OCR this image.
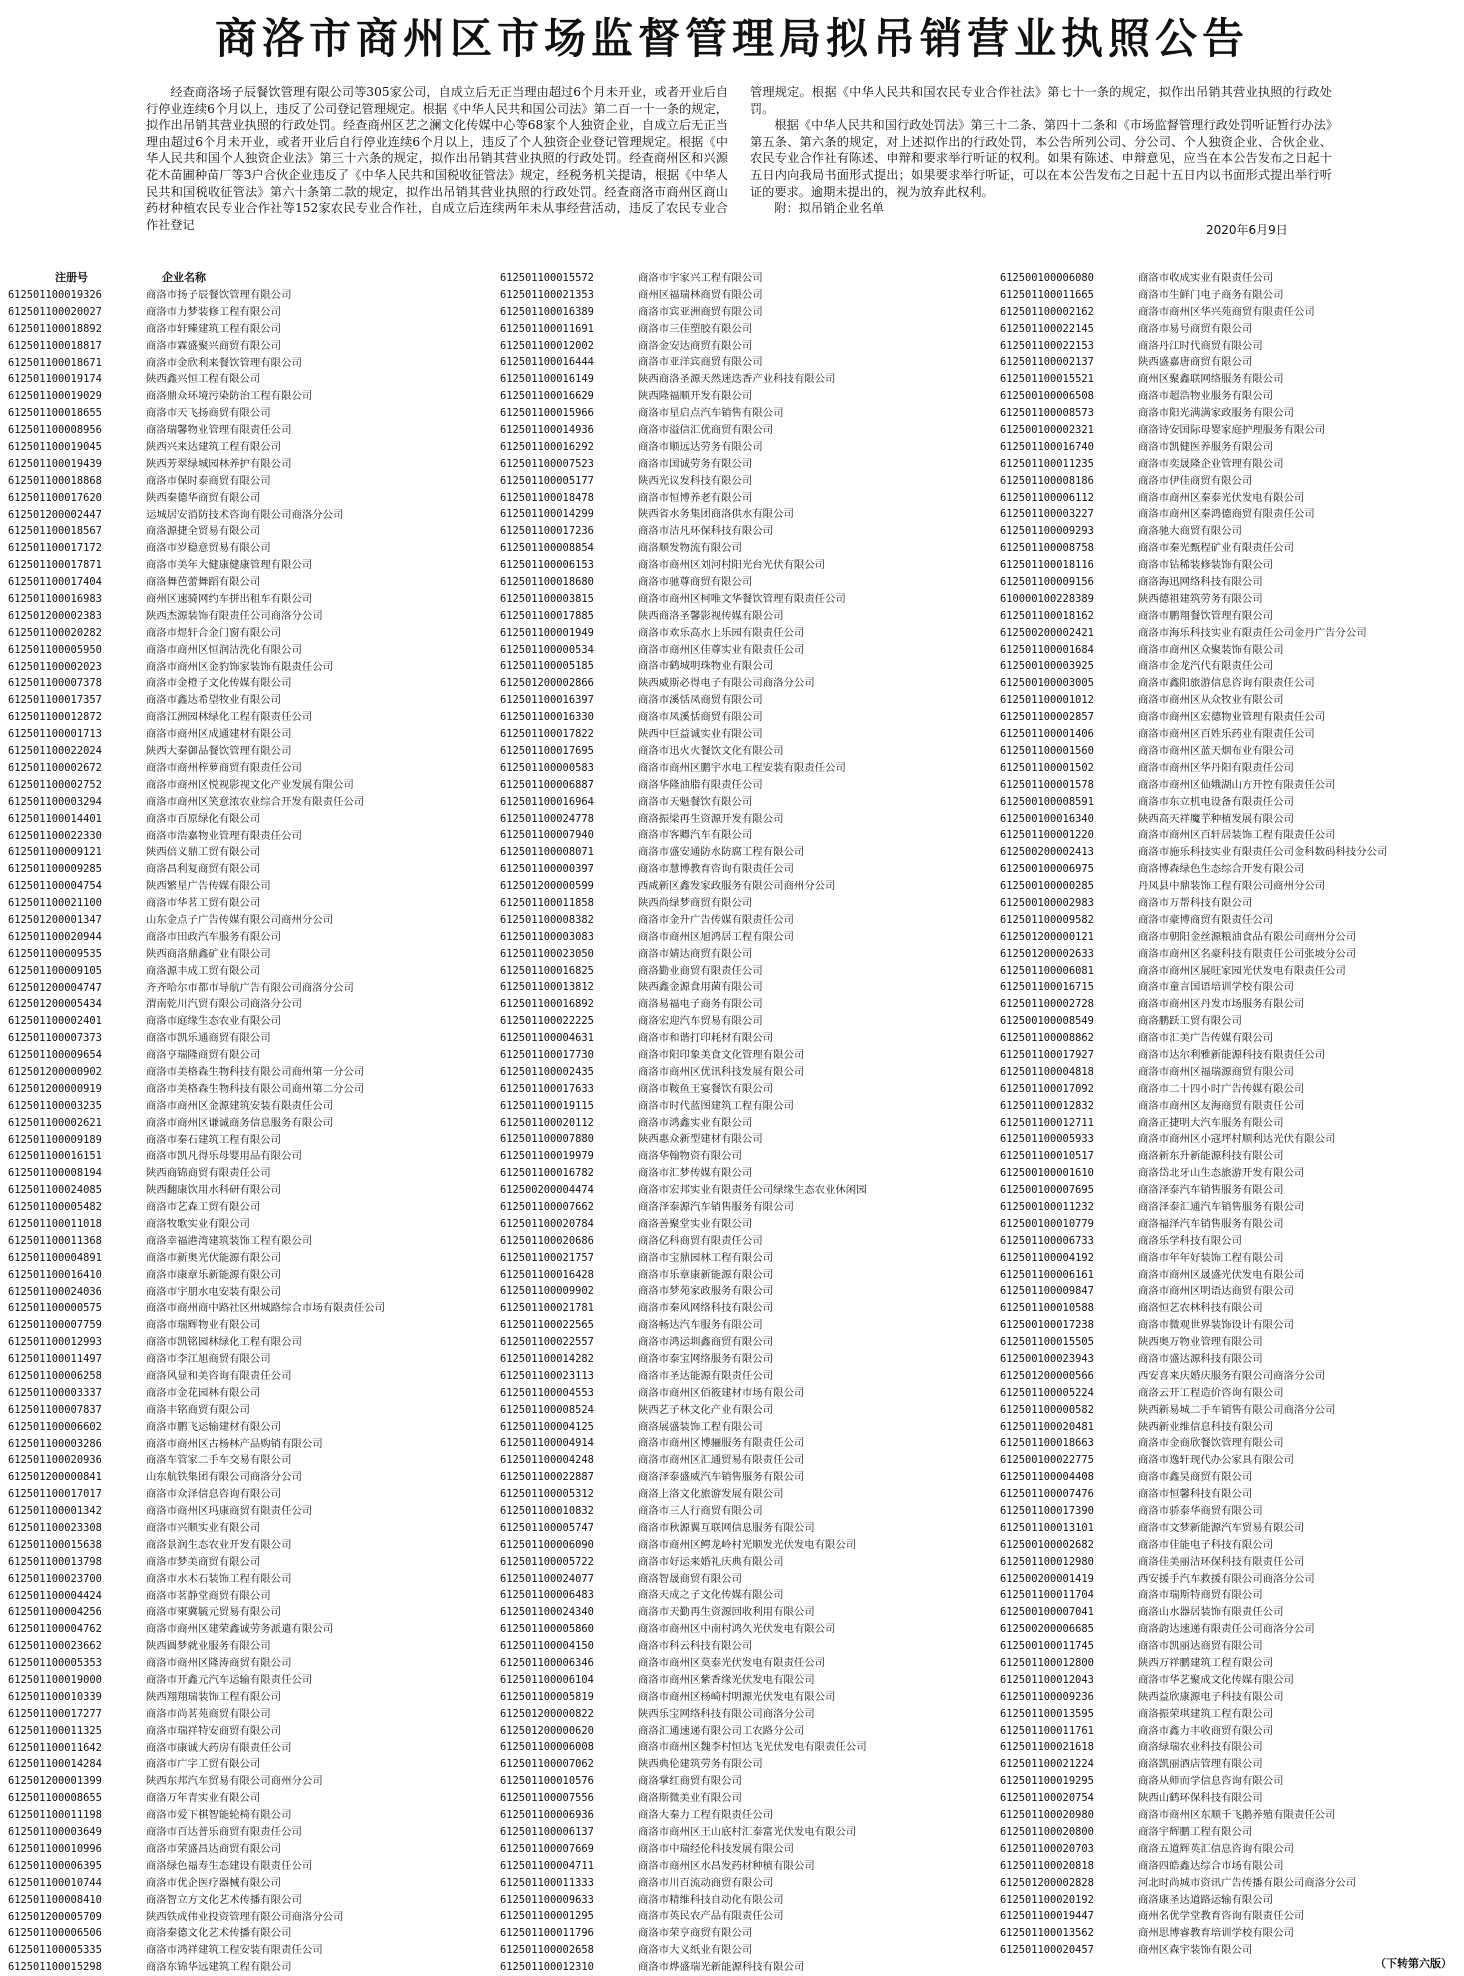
商洛市商州区市场监督管理局拟吊销营业执照公告

经查商洛场子辰餐饮管理有限公司等305家公司，自成立后无正当理由超过6个月未开业，或者开业后自行停业连续6个月以上，违反了公司登记管理规定。根据《中华人民共和国公司法》第二百一十一条的规定，拟作出吊销其营业执照的行政处罚。经查商州区艺之澜文化传媒中心等68家个人独资企业，自成立后无正当理由超过6个月未开业，或者开业后自行停业连续6个月以上，违反了个人独资企业登记管理规定。根据《中华人民共和国个人独资企业法》第三十六条的规定，拟作出吊销其营业执照的行政处罚。经查商州区和兴源花木苗圃种苗厂等3户合伙企业违反了《中华人民共和国税收征管法》规定，经税务机关提请，根据《中华人民共和国税收征管法》第六十条第二款的规定，拟作出吊销其营业执照的行政处罚。经查商洛市商州区商山药材种植农民专业合作社等152家农民专业合作社，自成立后连续两年未从事经营活动，违反了农民专业合作社登记

管理规定。根据《中华人民共和国农民专业合作社法》第七十一条的规定，拟作出吊销其营业执照的行政处罚。

根据《中华人民共和国行政处罚法》第三十二条、第四十二条和《市场监督管理行政处罚听证暂行办法》第五条、第六条的规定，对上述拟作出的行政处罚，本公告所列公司、分公司、个人独资企业、合伙企业、农民专业合作社有陈述、申辩和要求举行听证的权利。如果有陈述、申辩意见，应当在本公告发布之日起十五日内向我局书面形式提出；如果要求举行听证，可以在本公告发布之日起十五日内以书面形式提出举行听证的要求。逾期未提出的，视为放弃此权利。

附：拟吊销企业名单

2020年6月9日
注册号	企业名称
612501100019326	商洛市扬子辰餐饮管理有限公司
612501100020027	商洛市力梦装修工程有限公司
612501100018892	商洛市轩臻建筑工程有限公司
612501100018817	商洛市霖盛聚兴商贸有限公司
612501100018671	商洛市金欣利来餐饮管理有限公司
612501100019174	陕西鑫兴恒工程有限公司
612501100019029	商洛鼎众环境污染防治工程有限公司
612501100018655	商洛市天飞扬商贸有限公司
612501100008956	商洛瑞馨物业管理有限责任公司
612501100019045	陕西兴来达建筑工程有限公司
612501100019439	陕西芳翠绿城园林养护有限公司
612501100018868	商洛市保时泰商贸有限公司
612501100017620	陕西秦德华商贸有限公司
612501200002447	运城居安消防技术咨询有限公司商洛分公司
612501100018567	商洛源捷全贸易有限公司
612501100017172	商洛市岁稳意贸易有限公司
612501100017871	商洛市美年大健康健康管理有限公司
612501100017404	商洛舞芭蕾舞蹈有限公司
612501100016983	商州区速骑网约车拼出租车有限公司
612501200002383	陕西杰源装饰有限责任公司商洛分公司
612501100020282	商洛市煜轩合金门窗有限公司
612501100005950	商洛市商州区恒润洁洗化有限公司
612501100002023	商洛市商州区金豹饰家装饰有限责任公司
612501100007378	商洛市金橙子文化传媒有限公司
612501100017357	商洛市鑫达希望牧业有限公司
612501100012872	商洛江洲园林绿化工程有限责任公司
612501100001713	商洛市商州区成通建材有限公司
612501100022024	陕西大秦御品餐饮管理有限公司
612501100002672	商洛市商州梓萝商贸有限责任公司
612501100002752	商洛市商州区悦视影视文化产业发展有限公司
612501100003294	商洛市商州区笑意浓农业综合开发有限责任公司
612501100014401	商洛市百原绿化有限公司
612501100022330	商洛市浩嘉物业管理有限责任公司
612501100009121	陕西倍义鼎工贸有限公司
612501100009285	商洛昌利复商贸有限公司
612501100004754	陕西繁星广告传媒有限公司
612501100021100	商洛市华茗工贸有限公司
612501200001347	山东金点子广告传媒有限公司商州分公司
612501100020944	商洛市田政汽车服务有限公司
612501100009535	陕西商洛鼎鑫矿业有限公司
612501100009105	商洛源丰成工贸有限公司
612501200004747	齐齐哈尔市都市导航广告有限公司商洛分公司
612501200005434	渭南乾川汽贸有限公司商洛分公司
612501100002401	商洛市庭缘生态农业有限公司
612501100007373	商洛市凯乐通商贸有限公司
612501100009654	商洛亨瑞隆商贸有限公司
612501200000902	商洛市美格森生物科技有限公司商州第一分公司
612501200000919	商洛市美格森生物科技有限公司商州第二分公司
612501100003235	商洛市商州区金源建筑安装有限责任公司
612501100002621	商洛市商州区谦诚商务信息服务有限公司
612501100009189	商洛市秦石建筑工程有限公司
612501100016151	商洛市凯凡得乐母婴用品有限公司
612501100008194	陕西商锦商贸有限责任公司
612501100024085	陕西翻康饮用水科研有限公司
612501100005482	商洛市艺森工贸有限公司
612501100011018	商洛牧歌实业有限公司
612501100011368	商洛幸福港湾建筑装饰工程有限公司
612501100004891	商洛市新奥光伏能源有限公司
612501100016410	商洛市康章乐新能源有限公司
612501100024036	商洛市宇朋水电安装有限公司
612501100000575	商洛市商州商中路社区州城路综合市场有限责任公司
612501100007759	商洛市瑞辉物业有限公司
612501100012993	商洛市凯铭园林绿化工程有限公司
612501100011497	商洛市李江旭商贸有限公司
612501100006258	商洛风显和美咨询有限责任公司
612501100003337	商洛市金花园林有限公司
612501100007837	商洛丰铭商贸有限公司
612501100006602	商洛市鹏飞运输建材有限公司
612501100003286	商洛市商州区古杨林产品购销有限公司
612501100020936	商洛车管家二手车交易有限公司
612501200000841	山东航铁集团有限公司商洛分公司
612501100017017	商洛市众泽信息咨询有限公司
612501100001342	商洛市商州区玛康商贸有限责任公司
612501100023308	商洛市兴顺实业有限公司
612501100015638	商洛景润生态农业开发有限公司
612501100013798	商洛市梦美商贸有限公司
612501100023700	商洛市水木石装饰工程有限公司
612501100004424	商洛市茗静堂商贸有限公司
612501100004256	商洛市柬冀毓元贸易有限公司
612501100004762	商洛市商州区建荣鑫诚劳务派遣有限公司
612501100023662	陕西圆梦就业服务有限公司
612501100005353	商洛市商州区隆涛商贸有限公司
612501100019000	商洛市开鑫元汽车运输有限责任公司
612501100010339	陕西翔翔瑞装饰工程有限公司
612501100017277	商洛市尚茗苑商贸有限公司
612501100011325	商洛市瑞祥特安商贸有限公司
612501100011642	商洛市康诚大药房有限责任公司
612501100014284	商洛市广字工贸有限公司
612501200001399	陕西东邦汽车贸易有限公司商州分公司
612501100008655	商洛万年青实业有限公司
612501100011198	商洛市爱下棋智能轮椅有限公司
612501100003649	商洛市百达普乐商贸有限责任公司
612501100010996	商洛市荣盛昌达商贸有限公司
612501100006395	商洛绿色福寿生态建设有限责任公司
612501100010744	商洛市优企医疗器械有限公司
612501100008410	商洛智立方文化艺术传播有限公司
612501200005709	陕西铁成伟业投资管理有限公司商洛分公司
612501100006506	商洛秦德文化艺术传播有限公司
612501100005335	商洛市鸿祥建筑工程安装有限责任公司
612501100015298	商洛东锦华远建筑工程有限公司
612501100015572	商洛市宇家兴工程有限公司
612501100021353	商州区福瑞林商贸有限公司
612501100016389	商洛市宾亚洲商贸有限公司
612501100011691	商洛市三佳塑胶有限公司
612501100012002	商洛金安达商贸有限公司
612501100016444	商洛市亚洋宾商贸有限公司
612501100016149	陕西商洛圣源天然迷迭香产业科技有限公司
612501100016629	陕西隆福顺开发有限公司
612501100015966	商洛市星启点汽车销售有限公司
612501100014936	商洛市溢信汇优商贸有限公司
612501100016292	商洛市顺远达劳务有限公司
612501100007523	商洛市国诚劳务有限公司
612501100005177	陕西光议发科技有限公司
612501100018478	商洛市恒博养老有限公司
612501100014299	陕西省水务集团商洛供水有限公司
612501100017236	商洛市洁凡环保科技有限公司
612501100008854	商洛顺发物流有限公司
612501100006153	商洛市商州区刘河村阳光台光伏有限公司
612501100018680	商洛市驰尊商贸有限公司
612501100003815	商洛市商州区柯唯文华餐饮管理有限责任公司
612501100017885	陕西商洛圣馨影视传媒有限公司
612501100001949	商洛市欢乐高水上乐园有限责任公司
612501100000534	商洛市商州区佳尊实业有限责任公司
612501100005185	商洛市鹤城明珠物业有限公司
612501200002866	陕西威斯必得电子有限公司商洛分公司
612501100016397	商洛市溪恬凤商贸有限公司
612501100016330	商洛市凤溪恬商贸有限公司
612501100017822	陕西中巨益诚实业有限公司
612501100017695	商洛市迅火火餐饮文化有限公司
612501100000583	商洛市商州区鹏宇水电工程安装有限责任公司
612501100006887	商洛华隆油脂有限责任公司
612501100016964	商洛市天魁餐饮有限公司
612501100024778	商洛振梁再生资源开发有限公司
612501100007940	商洛市客卿汽车有限公司
612501100008071	商洛市盛安通防水防腐工程有限公司
612501100000397	商洛市慧博教育咨询有限责任公司
612501200000599	西咸新区鑫发家政服务有限公司商州分公司
612501100011858	陕西尚绿梦商贸有限公司
612501100008382	商洛市金升广告传媒有限责任公司
612501100003083	商洛市商州区旭鸿居工程有限公司
612501100023050	商洛市婧达商贸有限公司
612501100016825	商洛勤业商贸有限责任公司
612501100013812	陕西鑫金源食用菌有限公司
612501100016892	商洛易福电子商务有限公司
612501100022225	商洛宏迎汽车贸易有限公司
612501100004631	商洛市和谐打印耗材有限公司
612501100017730	商洛市阳印象美食文化管理有限公司
612501100002435	商洛市商州区优讯科技发展有限公司
612501100017633	商洛市鞍鱼王宴餐饮有限公司
612501100019115	商洛市时代蓝图建筑工程有限公司
612501100020112	商洛市鸿鑫实业有限公司
612501100007880	陕西惠众新型建材有限公司
612501100019979	商洛华翰物资有限公司
612501100016782	商洛市汇梦传媒有限公司
612500200004474	商洛市宏邦实业有限责任公司绿缘生态农业休闲园
612501100007662	商洛泽泰源汽车销售服务有限公司
612501100020784	商洛善聚堂实业有限公司
612501100020686	商洛亿科商贸有限责任公司
612501100021757	商洛市宝鼎园林工程有限公司
612501100016428	商洛市乐章康新能源有限公司
612501100009902	商洛市梦苑家政服务有限公司
612501100021781	商洛市秦风网络科技有限公司
612501100022565	商洛畅达汽车服务有限公司
612501100022557	商洛市鸿运圳鑫商贸有限公司
612501100014282	商洛市泰宝网络服务有限公司
612501100023113	商洛市圣达能源有限责任公司
612501100004553	商洛市商州区佰筱建材市场有限公司
612501100008524	陕西艺子林文化产业有限公司
612501100004125	商洛展盛装饰工程有限公司
612501100004914	商洛市商州区博骊服务有限责任公司
612501100004248	商洛市商州区汇通贸易有限责任公司
612501100022887	商洛泽泰盛威汽车销售服务有限公司
612501100005312	商洛上洛文化旅游发展有限公司
612501100010832	商洛市三人行商贸有限公司
612501100005747	商洛市秋源翼互联网信息服务有限公司
612501100006090	商洛市商州区鳄龙岭村光顺发光伏发电有限公司
612501100005722	商洛市好运来婚礼庆典有限公司
612501100024077	商洛智晟商贸有限公司
612501100006483	商洛天成之子文化传媒有限公司
612501100024340	商洛市天勤再生资源回收利用有限公司
612501100005860	商洛市商州区中南村鸿久光伏发电有限公司
612501100004150	商洛市科云科技有限公司
612501100006346	商洛市商州区莫泰光伏发电有限责任公司
612501100006104	商洛市商州区紫香缘光伏发电有限公司
612501100005819	商洛市商州区杨崎村明源光伏发电有限公司
612501200000822	陕西乐宝网络科技有限公司商洛分公司
612501200000620	商洛汇通速递有限公司工农路分公司
612501100006008	商洛市商州区魏李村恒达飞光伏发电有限责任公司
612501100007062	陕西典伦建筑劳务有限公司
612501100010576	商洛掌红商贸有限公司
612501100007556	商洛斯微美业有限公司
612501100006936	商洛大秦力工程有限责任公司
612501100006137	商洛市商州区王山底村汇泰富光伏发电有限公司
612501100007669	商洛市中瑞经伦科技发展有限公司
612501100004711	商洛市商州区水昌发药材种植有限公司
612501100011333	商洛市川百流动商贸有限公司
612501100009633	商洛市精维科技自动化有限公司
612501100001295	商洛市英民农产品有限责任公司
612501100011796	商洛市荣亨商贸有限公司
612501100002658	商洛市大义纸业有限公司
612501100012310	商洛市烨盛瑞光新能源科技有限公司
612500100006080	商洛市收成实业有限责任公司
612501100011665	商洛市生鲜门电子商务有限公司
612501100002162	商洛市商州区华兴苑商贸有限责任公司
612501100022145	商洛市易号商贸有限公司
612501100022153	商洛丹江时代商贸有限公司
612501100002137	陕西盛嘉唐商贸有限公司
612501100015521	商州区聚鑫联网络服务有限公司
612500100006508	商洛市超浩物业服务有限公司
612501100008573	商洛市阳光满满家政服务有限公司
612500100002321	商洛诗安国际母婴家庭护理服务有限公司
612501100016740	商洛市凯健医养服务有限公司
612501100011235	商洛市奕晟隆企业管理有限公司
612501100008186	商洛市伊佳商贸有限公司
612501100006112	商洛市商州区秦泰光伏发电有限公司
612501100003227	商洛市商州区秦鸿德商贸有限责任公司
612501100009293	商洛驰大商贸有限公司
612501100008758	商洛市秦光甄程矿业有限责任公司
612501100018116	商洛市钻稀装修装饰有限公司
612501100009156	商洛海迅网络科技有限公司
610000100228389	陕西德祖建筑劳务有限公司
612501100018162	商洛市鹏翔餐饮管理有限公司
612500200002421	商洛市海乐科技实业有限责任公司金丹广告分公司
612501100001684	商洛市商州区众聚装饰有限公司
612500100003925	商洛市金龙汽代有限责任公司
612500100003005	商洛市鑫阳旅游信息咨询有限责任公司
612501100001012	商洛市商州区从众牧业有限公司
612501100002857	商洛市商州区宏德物业管理有限责任公司
612501100001406	商洛市商州区百姓乐药业有限责任公司
612501100001560	商洛市商州区蓝天烟布业有限公司
612501100001502	商洛市商州区华丹阳有限责任公司
612501100001578	商洛市商州区仙娥湖山方开控有限责任公司
612500100008591	商洛市东立机电设备有限责任公司
612500100016340	陕西高天祥魔芋种植发展有限公司
612501100001220	商洛市商州区百轩居装饰工程有限责任公司
612500200002413	商洛市施乐科技实业有限责任公司金科数码科技分公司
612500100006975	商洛博森绿色生态综合开发有限公司
612500100000285	丹凤县中鼎装饰工程有限公司商州分公司
612500100002983	商洛市万帮科技有限公司
612501100009582	商洛市豪博商贸有限责任公司
612501200000121	商洛市朝阳金丝源粮油食品有限公司商州分公司
612501200002633	商洛市商州区名豪科技有限责任公司张坡分公司
612501100006081	商洛市商州区展旺家园光伏发电有限责任公司
612501100016715	商洛市童言国语培训学校有限公司
612501100002728	商洛市商州区丹发市场服务有限公司
612500100008549	商洛鹏跃工贸有限公司
612501100008862	商洛市汇美广告传媒有限公司
612501100017927	商洛市达尔利雅新能源科技有限责任公司
612501100004818	商洛市商州区福瑞源商贸有限公司
612501100017092	商洛市二十四小时广告传媒有限公司
612501100012832	商洛市商州区友海商贸有限责任公司
612501100012711	商洛正捷明大汽车服务有限公司
612501100005933	商洛市商州区小寇坪村顺利达光伏有限公司
612501100010517	商洛新东升新能源科技有限公司
612500100001610	商洛岱北牙山生态旅游开发有限公司
612500100007695	商洛泽泰汽车销售服务有限公司
612500100011232	商洛泽泰汇通汽车销售服务有限公司
612500100010779	商洛福泽汽车销售服务有限公司
612501100006733	商洛乐学科技有限公司
612501100004192	商洛市年年好装饰工程有限公司
612501100006161	商洛市商州区晟盛光伏发电有限公司
612501100009847	商洛市商州区明语达商贸有限公司
612501100010588	商洛恒艺农林科技有限公司
612500100017238	商洛市微观世界装饰设计有限公司
612501100015505	陕西奥万物业管理有限公司
612500100023943	商洛市盛达源科技有限公司
612501200000566	西安喜来庆婚庆服务有限公司商洛分公司
612501100005224	商洛云开工程造价咨询有限公司
612501100000582	陕西新易城二手车销售有限公司商洛分公司
612501100020481	陕西新业维信息科技有限公司
612501100018663	商洛市金商欣餐饮管理有限公司
612500100022775	商洛市逸轩现代办公家具有限公司
612501100004408	商洛市鑫昊商贸有限公司
612501100007476	商洛市恒馨科技有限公司
612501100017390	商洛市骄泰华商贸有限公司
612501100013101	商洛市文梦新能源汽车贸易有限公司
612500100002682	商洛市佳能电子科技有限公司
612501100012980	商洛佳美丽洁环保科技有限责任公司
612500200001419	西安援手汽车救援有限公司商洛分公司
612501100011704	商洛市瑞斯特商贸有限公司
612500100007041	商洛山水器居装饰有限责任公司
612500200006685	商洛韵达速递有限责任公司商洛分公司
612500100011745	商洛市凯丽达商贸有限公司
612501100012800	陕西万祥鹏建筑工程有限公司
612501100012043	商洛市华艺聚成文化传媒有限公司
612501100009236	陕西益欣康源电子科技有限公司
612501100013595	商洛振荣琪建筑工程有限公司
612501100011761	商洛市鑫力丰收商贸有限公司
612501100021618	商洛绿瑞农业科技有限公司
612501100021224	商洛凯丽酒店管理有限公司
612501100019295	商洛从师而学信息咨询有限公司
612501100020754	陕西山鹤环保科技有限公司
612501100020980	商洛市商州区东顺千飞鹅养殖有限责任公司
612501100020800	商洛宇辉鹏工程有限公司
612501100020703	商洛五道辉英汇信息咨询有限公司
612501100020818	商洛四皓鑫达综合市场有限公司
612501200002828	河北时尚城市资讯广告传播有限公司商洛分公司
612501100020192	商洛康圣达道路运输有限公司
612501100019447	商州名优学堂教育咨询有限责任公司
612501100013562	商州思博睿教育培训学校有限公司
612501100020457	商州区森宇装饰有限公司
（下转第六版）
